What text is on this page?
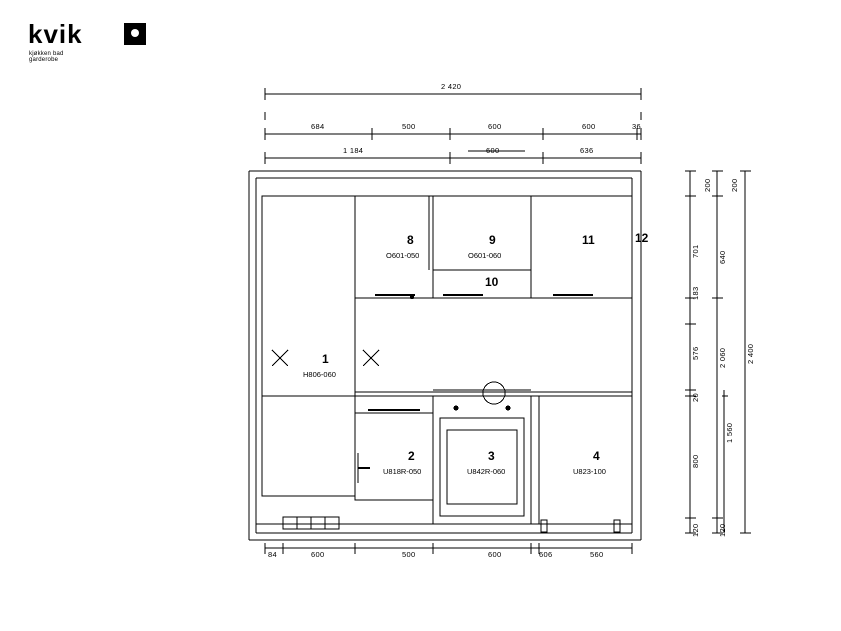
kvik
kjøkken bad garderobe
2 420
684	500	600	600	36
1 184	600	636
84	600	500	600	606	560
200
701
183
576
20
800
120
200
640
2 060
120
2 400
1 560
1
H806-060
2
U818R-050
3
U842R-060
4
U823-100
8
O601-050
9
O601-060
10
11	12
